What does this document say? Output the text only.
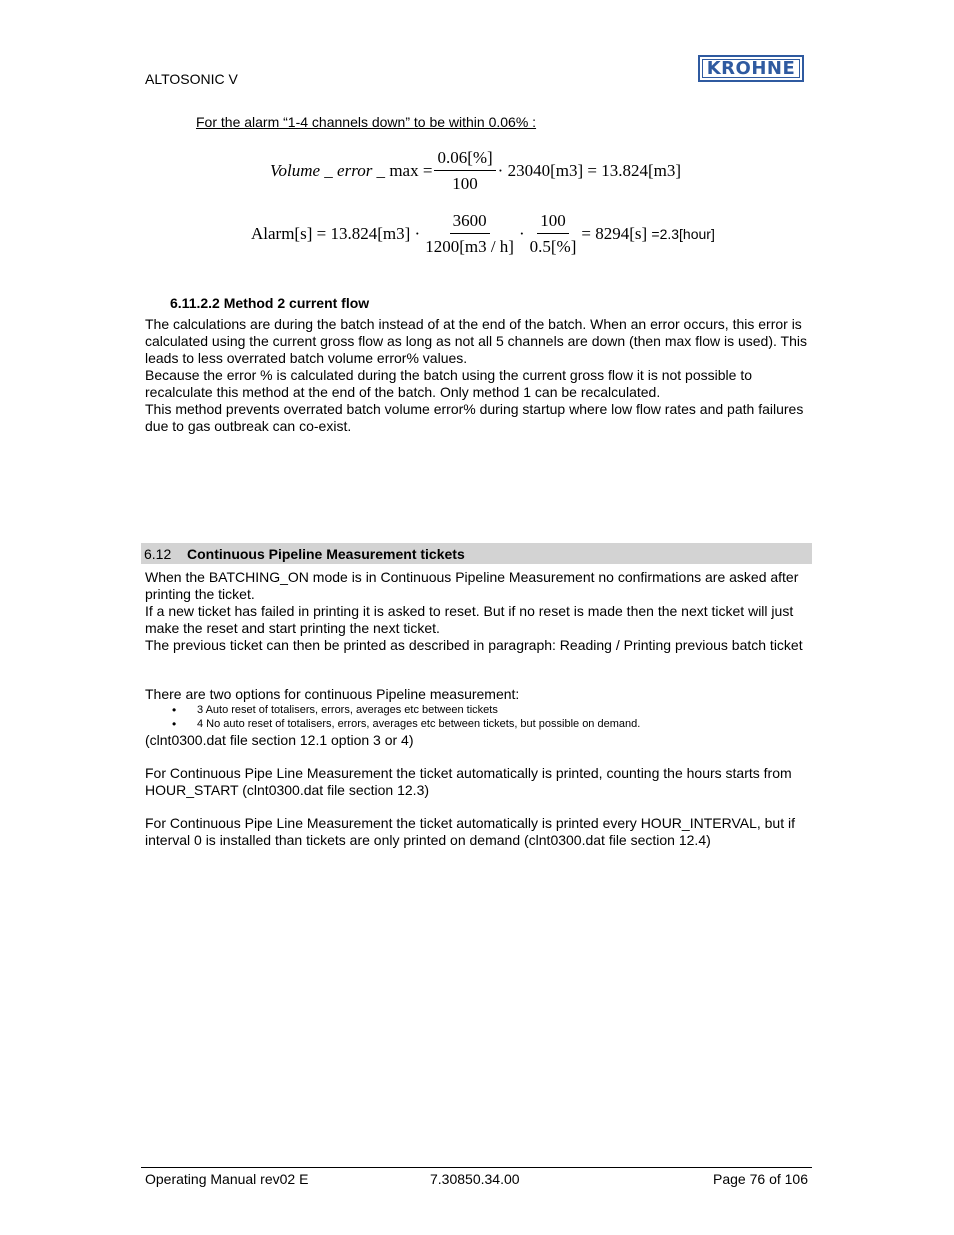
ALTOSONIC V	KROHNE
For the alarm “1-4 channels down” to be within 0.06% :
Volume _ error _
max
= $\frac{0.06[\%]}{100}$ ·
23040[m3] = 13.824[m3]
Alarm[s] = 13.824[m3]
· $\frac{3600}{1200[m3 / h]} \cdot \frac{100}{0.5[\%]} = 8294[s]$
=2.3[hour]
6.11.2.2 Method 2 current flow
The calculations are during the batch instead of at the end of the batch. When an error occurs, this error is calculated using the current gross flow as long as not all 5 channels are down (then max flow is used). This leads to less overrated batch volume error% values.
Because the error % is calculated during the batch using the current gross flow it is not possible to recalculate this method at the end of the batch. Only method 1 can be recalculated.
This method prevents overrated batch volume error% during startup where low flow rates and path failures due to gas outbreak can co-exist.
6.12	Continuous Pipeline Measurement tickets
When the BATCHING_ON mode is in Continuous Pipeline Measurement no confirmations are asked after printing the ticket.
If a new ticket has failed in printing it is asked to reset. But if no reset is made then the next ticket will just make the reset and start printing the next ticket.
The previous ticket can then be printed as described in paragraph: Reading / Printing previous batch ticket
There are two options for continuous Pipeline measurement:
• 3 Auto reset of totalisers, errors, averages etc between tickets
• 4 No auto reset of totalisers, errors, averages etc between tickets, but possible on demand.
(clnt0300.dat file section 12.1 option 3 or 4)
For Continuous Pipe Line Measurement the ticket automatically is printed, counting the hours starts from HOUR_START (clnt0300.dat file section 12.3)
For Continuous Pipe Line Measurement the ticket automatically is printed every HOUR_INTERVAL, but if interval 0 is installed than tickets are only printed on demand (clnt0300.dat file section 12.4)
Operating Manual rev02 E	7.30850.34.00	Page 76 of 106
